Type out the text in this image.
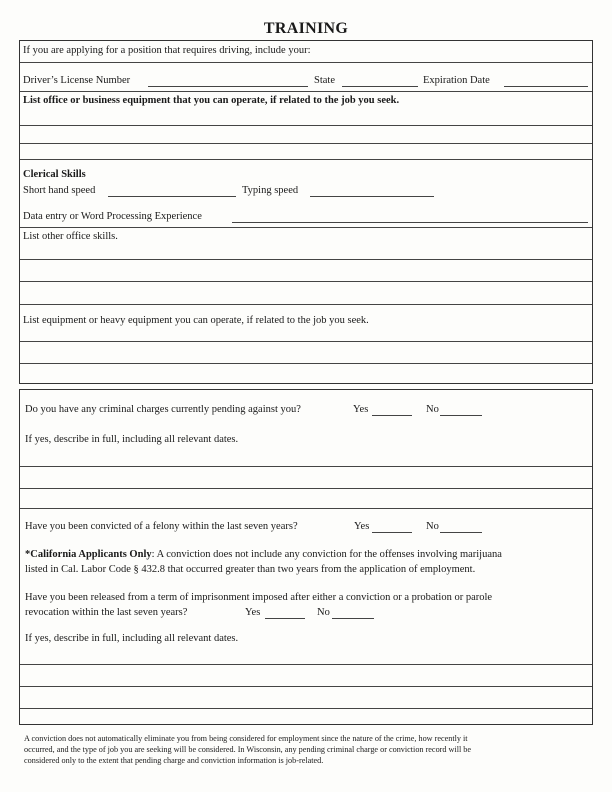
TRAINING
If you are applying for a position that requires driving, include your:
Driver’s License Number	State	Expiration Date
List office or business equipment that you can operate, if related to the job you seek.
Clerical Skills
Short hand speed	Typing speed
Data entry or Word Processing Experience
List other office skills.
List equipment or heavy equipment you can operate, if related to the job you seek.
Do you have any criminal charges currently pending against you?	Yes	No
If yes, describe in full, including all relevant dates.
Have you been convicted of a felony within the last seven years?	Yes	No
*California Applicants Only: A conviction does not include any conviction for the offenses involving marijuana
listed in Cal. Labor Code § 432.8 that occurred greater than two years from the application of employment.
Have you been released from a term of imprisonment imposed after either a conviction or a probation or parole
revocation within the last seven years?	Yes	No
If yes, describe in full, including all relevant dates.
A conviction does not automatically eliminate you from being considered for employment since the nature of the crime, how recently it
occurred, and the type of job you are seeking will be considered. In Wisconsin, any pending criminal charge or conviction record will be
considered only to the extent that pending charge and conviction information is job-related.
